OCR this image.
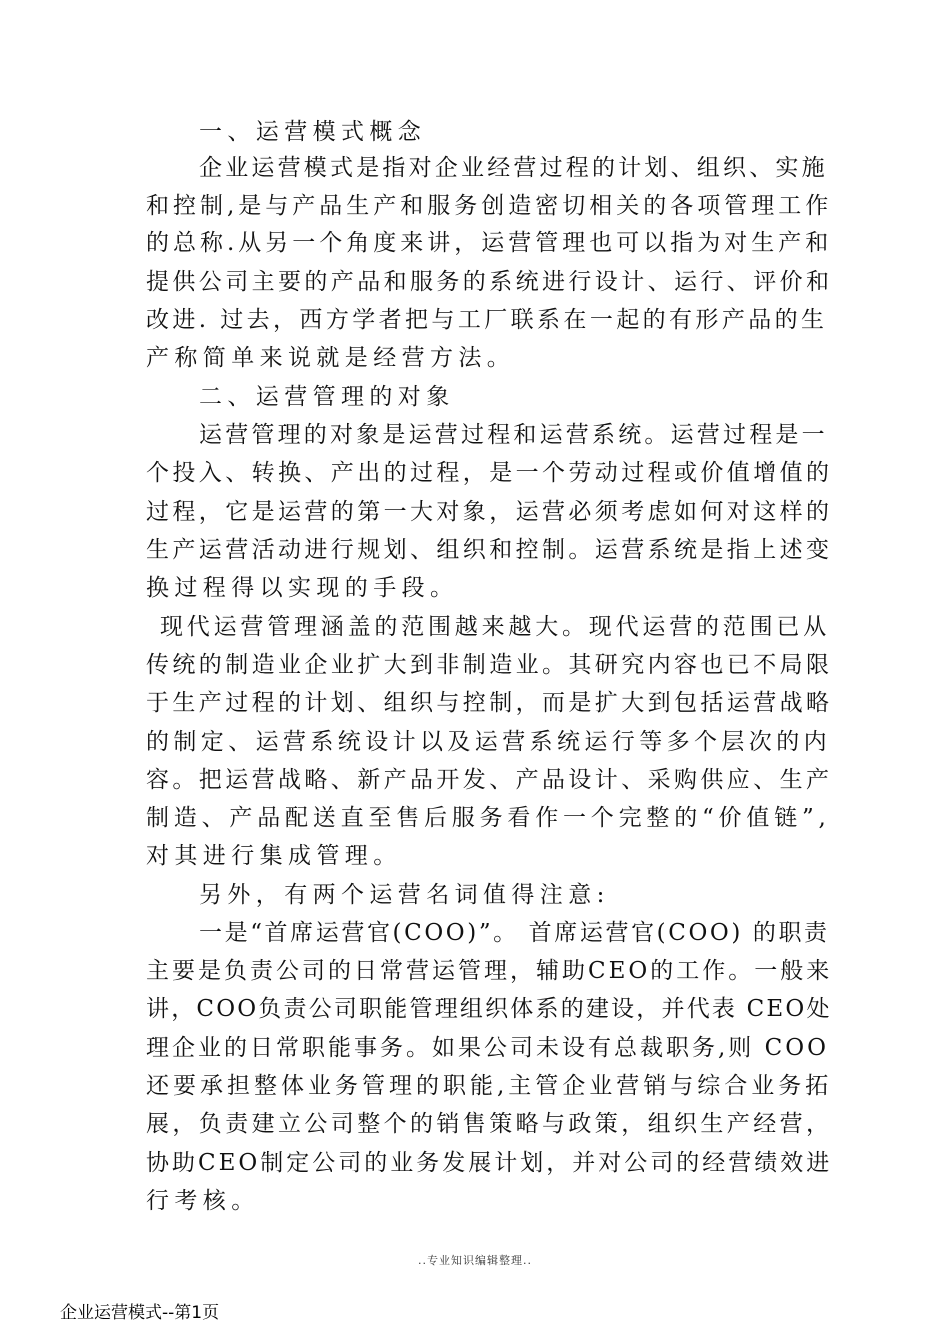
一、运营模式概念
企业运营模式是指对企业经营过程的计划、组织、实施
和控制,是与产品生产和服务创造密切相关的各项管理工作
的总称.从另一个角度来讲，运营管理也可以指为对生产和
提供公司主要的产品和服务的系统进行设计、运行、评价和
改进. 过去，西方学者把与工厂联系在一起的有形产品的生
产称简单来说就是经营方法。
二、运营管理的对象
运营管理的对象是运营过程和运营系统。运营过程是一
个投入、转换、产出的过程，是一个劳动过程或价值增值的
过程，它是运营的第一大对象，运营必须考虑如何对这样的
生产运营活动进行规划、组织和控制。运营系统是指上述变
换过程得以实现的手段。
现代运营管理涵盖的范围越来越大。现代运营的范围已从
传统的制造业企业扩大到非制造业。其研究内容也已不局限
于生产过程的计划、组织与控制，而是扩大到包括运营战略
的制定、运营系统设计以及运营系统运行等多个层次的内
容。把运营战略、新产品开发、产品设计、采购供应、生产
制造、产品配送直至售后服务看作一个完整的“价值链”,
对其进行集成管理。
另外，有两个运营名词值得注意:
一是“首席运营官(COO)”。 首席运营官(COO) 的职责
主要是负责公司的日常营运管理，辅助CEO的工作。一般来
讲，COO负责公司职能管理组织体系的建设，并代表 CEO处
理企业的日常职能事务。如果公司未设有总裁职务,则 COO
还要承担整体业务管理的职能,主管企业营销与综合业务拓
展，负责建立公司整个的销售策略与政策，组织生产经营，
协助CEO制定公司的业务发展计划，并对公司的经营绩效进
行考核。
..专业知识编辑整理..
企业运营模式--第1页
